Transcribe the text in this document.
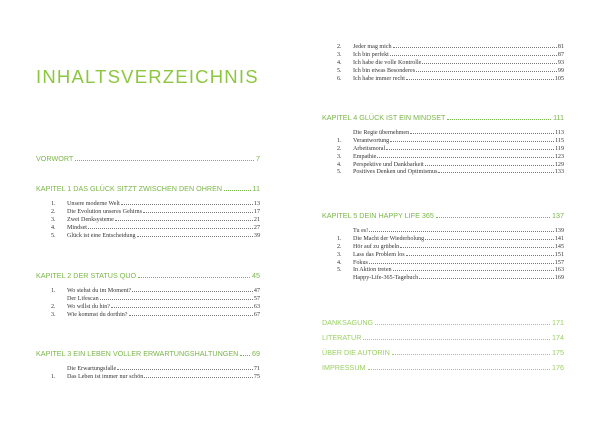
INHALTSVERZEICHNIS
VORWORT	7
KAPITEL 1 DAS GLÜCK SITZT ZWISCHEN DEN OHREN	11
1.	Unsere moderne Welt	13
2.	Die Evolution unseres Gehirns	17
3.	Zwei Denksysteme	21
4.	Mindset	27
5.	Glück ist eine Entscheidung	39
KAPITEL 2 DER STATUS QUO	45
1.	Wo stehst du im Moment?	47
Der Lifescan	57
2.	Wo willst du hin?	63
3.	Wie kommst du dorthin?	67
KAPITEL 3 EIN LEBEN VOLLER ERWARTUNGSHALTUNGEN 69
Die Erwartungsfalle	71
1.	Das Leben ist immer nur schön	75
2.	Jeder mag mich	81
3.	Ich bin perfekt	87
4.	Ich habe die volle Kontrolle	93
5.	Ich bin etwas Besonderes	99
6.	Ich habe immer recht	105
KAPITEL 4 GLÜCK IST EIN MINDSET	111
Die Regie übernehmen	113
1.	Verantwortung	115
2.	Arbeitsmoral	119
3.	Empathie	123
4.	Perspektive und Dankbarkeit	129
5.	Positives Denken und Optimismus	133
KAPITEL 5 DEIN HAPPY LIFE 365	137
Tu es!	139
1.	Die Macht der Wiederholung	141
2.	Hör auf zu grübeln	145
3.	Lass das Problem los	151
4.	Fokus	157
5.	In Aktion treten	163
Happy-Life-365-Tagebuch	169
DANKSAGUNG	171
LITERATUR	174
ÜBER DIE AUTORIN	175
IMPRESSUM	176
